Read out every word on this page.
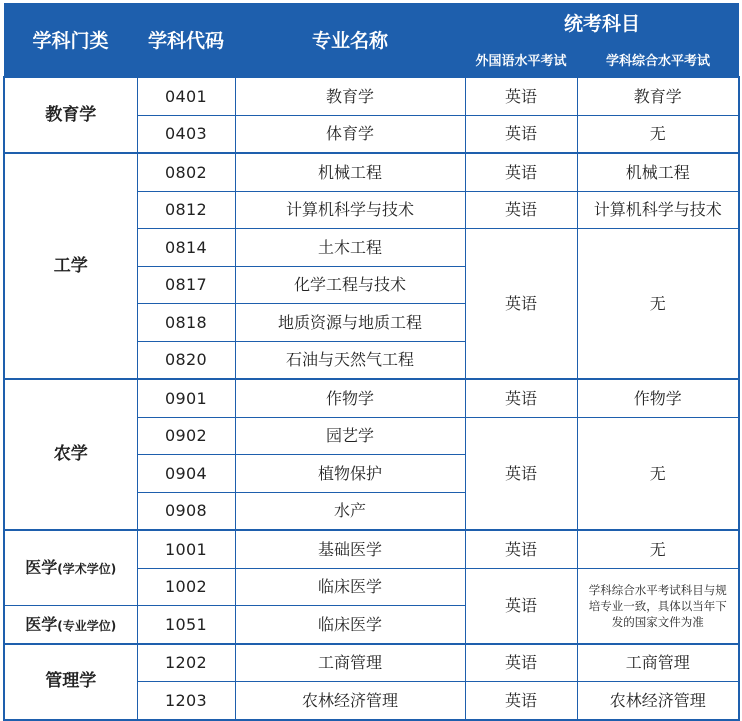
学科门类	学科代码	专业名称	统考科目	
			外国语水平考试	学科综合水平考试
教育学	0401	教育学	英语	教育学
	0403	体育学	英语	无
工学	0802	机械工程	英语	机械工程
	0812	计算机科学与技术	英语	计算机科学与技术
	0814	土木工程	英语	无
	0817	化学工程与技术		
	0818	地质资源与地质工程		
	0820	石油与天然气工程		
农学	0901	作物学	英语	作物学
	0902	园艺学	英语	无
	0904	植物保护		
	0908	水产		
医学(学术学位)	1001	基础医学	英语	无
	1002	临床医学	英语	学科综合水平考试科目与规培专业一致，具体以当年下发的国家文件为准
医学(专业学位)	1051	临床医学		
管理学	1202	工商管理	英语	工商管理
	1203	农林经济管理	英语	农林经济管理
